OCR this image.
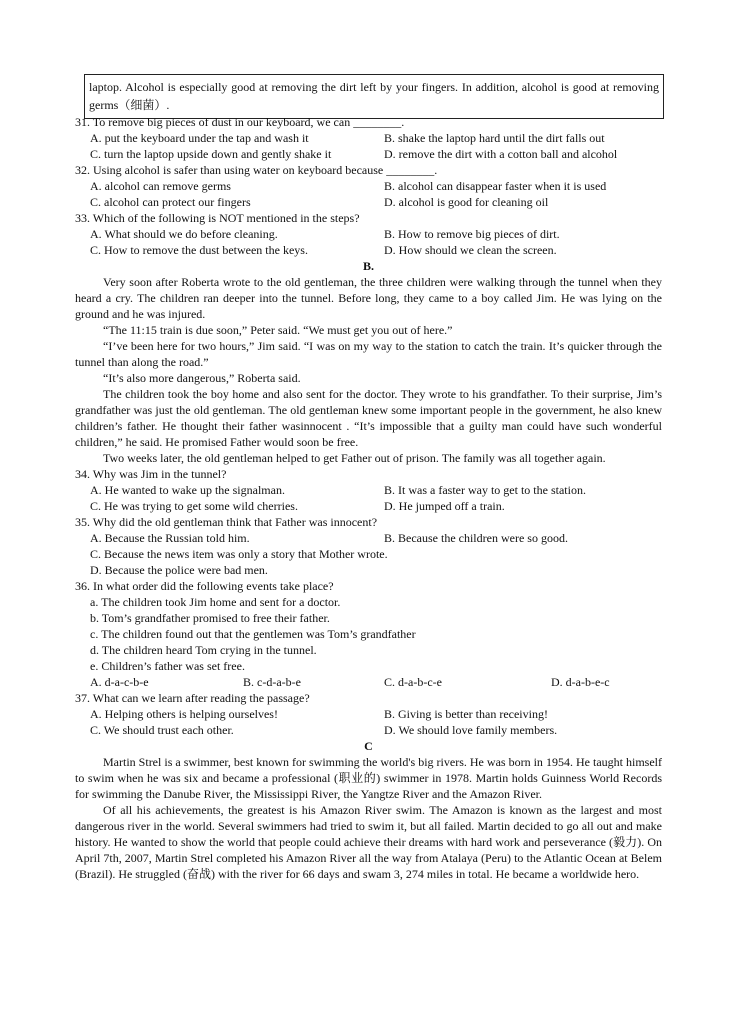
laptop. Alcohol is especially good at removing the dirt left by your fingers. In addition, alcohol is good at removing germs（细菌）.

31. To remove big pieces of dust in our keyboard, we can ________.
A. put the keyboard under the tap and wash it	B. shake the laptop hard until the dirt falls out
C. turn the laptop upside down and gently shake it	D. remove the dirt with a cotton ball and alcohol
32. Using alcohol is safer than using water on keyboard because ________.
A. alcohol can remove germs	B. alcohol can disappear faster when it is used
C. alcohol can protect our fingers	D. alcohol is good for cleaning oil
33. Which of the following is NOT mentioned in the steps?
A. What should we do before cleaning.	B. How to remove big pieces of dirt.
C. How to remove the dust between the keys.	D. How should we clean the screen.
B.

Very soon after Roberta wrote to the old gentleman, the three children were walking through the tunnel when they heard a cry. The children ran deeper into the tunnel. Before long, they came to a boy called Jim. He was lying on the ground and he was injured.

“The 11:15 train is due soon,” Peter said. “We must get you out of here.”

“I’ve been here for two hours,” Jim said. “I was on my way to the station to catch the train. It’s quicker through the tunnel than along the road.”

“It’s also more dangerous,” Roberta said.

The children took the boy home and also sent for the doctor. They wrote to his grandfather. To their surprise, Jim’s grandfather was just the old gentleman. The old gentleman knew some important people in the government, he also knew children’s father. He thought their father wasinnocent . “It’s impossible that a guilty man could have such wonderful children,” he said. He promised Father would soon be free.

Two weeks later, the old gentleman helped to get Father out of prison. The family was all together again.

34. Why was Jim in the tunnel?
A. He wanted to wake up the signalman.	B. It was a faster way to get to the station.
C. He was trying to get some wild cherries.	D. He jumped off a train.
35. Why did the old gentleman think that Father was innocent?
A. Because the Russian told him.	B. Because the children were so good.
C. Because the news item was only a story that Mother wrote.
D. Because the police were bad men.
36. In what order did the following events take place?
a. The children took Jim home and sent for a doctor.
b. Tom’s grandfather promised to free their father.
c. The children found out that the gentlemen was Tom’s grandfather
d. The children heard Tom crying in the tunnel.
e. Children’s father was set free.
A. d-a-c-b-e	B. c-d-a-b-e	C. d-a-b-c-e	D. d-a-b-e-c
37. What can we learn after reading the passage?
A. Helping others is helping ourselves!	B. Giving is better than receiving!
C. We should trust each other.	D. We should love family members.
C

Martin Strel is a swimmer, best known for swimming the world's big rivers. He was born in 1954. He taught himself to swim when he was six and became a professional (职业的) swimmer in 1978. Martin holds Guinness World Records for swimming the Danube River, the Mississippi River, the Yangtze River and the Amazon River.

Of all his achievements, the greatest is his Amazon River swim. The Amazon is known as the largest and most dangerous river in the world. Several swimmers had tried to swim it, but all failed. Martin decided to go all out and make history. He wanted to show the world that people could achieve their dreams with hard work and perseverance (毅力). On April 7th, 2007, Martin Strel completed his Amazon River all the way from Atalaya (Peru) to the Atlantic Ocean at Belem (Brazil). He struggled (奋战) with the river for 66 days and swam 3, 274 miles in total. He became a worldwide hero.
